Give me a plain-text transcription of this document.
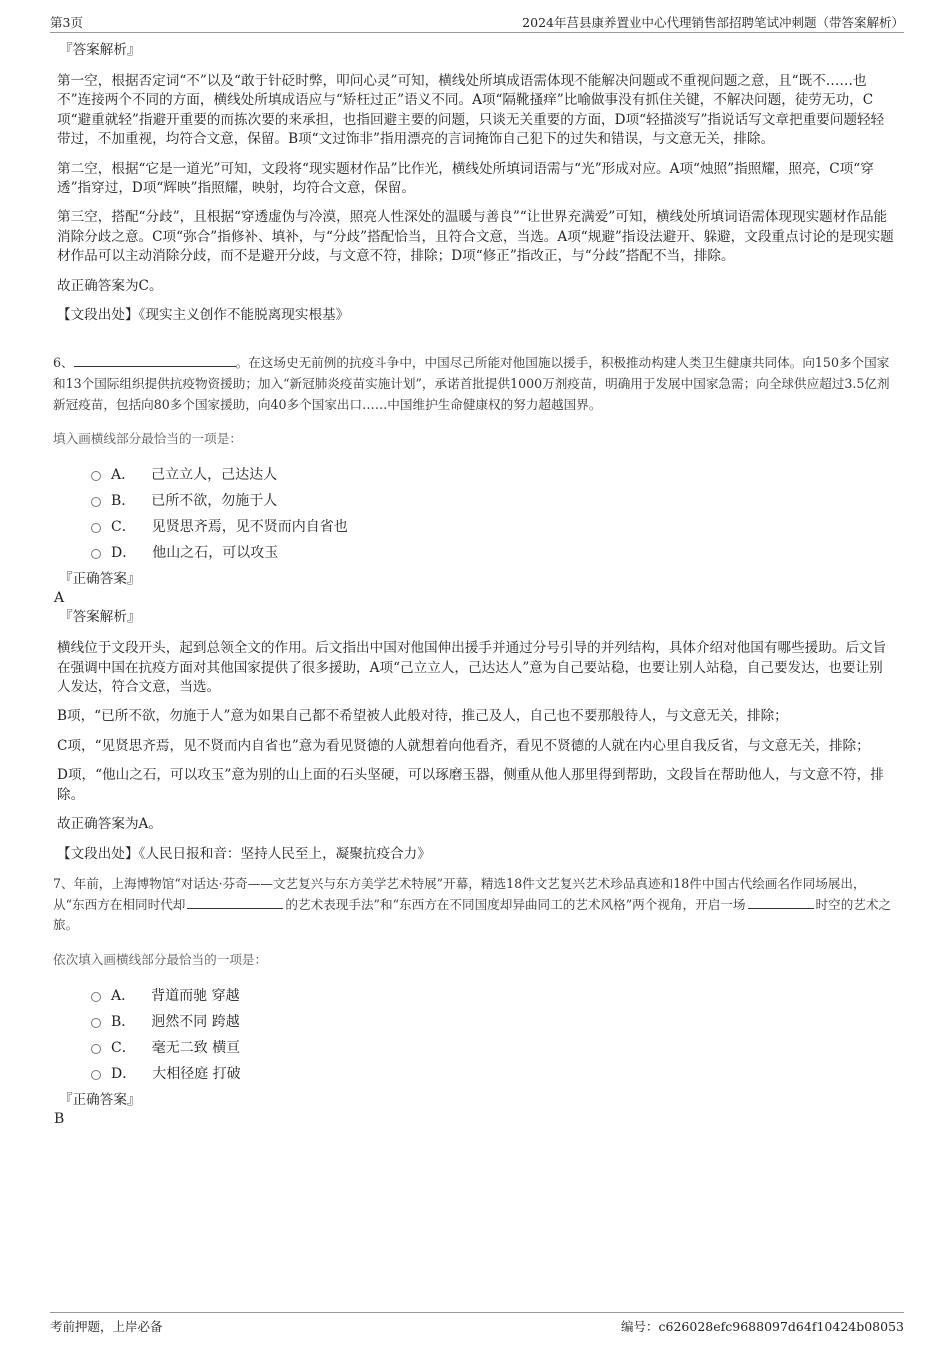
第3页	2024年莒县康养置业中心代理销售部招聘笔试冲刺题（带答案解析）

『答案解析』

第一空，根据否定词“不”以及“敢于针砭时弊，叩问心灵”可知，横线处所填成语需体现不能解决问题或不重视问题之意，且“既不……也不”连接两个不同的方面，横线处所填成语应与“矫枉过正”语义不同。A项“隔靴搔痒”比喻做事没有抓住关键，不解决问题，徒劳无功，C项“避重就轻”指避开重要的而拣次要的来承担，也指回避主要的问题，只谈无关重要的方面，D项“轻描淡写”指说话写文章把重要问题轻轻带过，不加重视，均符合文意，保留。B项“文过饰非”指用漂亮的言词掩饰自己犯下的过失和错误，与文意无关，排除。

第二空，根据“它是一道光”可知，文段将“现实题材作品”比作光，横线处所填词语需与“光”形成对应。A项“烛照”指照耀，照亮，C项“穿透”指穿过，D项“辉映”指照耀，映射，均符合文意，保留。

第三空，搭配“分歧”，且根据“穿透虚伪与冷漠，照亮人性深处的温暖与善良”“让世界充满爱”可知，横线处所填词语需体现现实题材作品能消除分歧之意。C项“弥合”指修补、填补，与“分歧”搭配恰当，且符合文意，当选。A项“规避”指设法避开、躲避，文段重点讨论的是现实题材作品可以主动消除分歧，而不是避开分歧，与文意不符，排除；D项“修正”指改正，与“分歧”搭配不当，排除。

故正确答案为C。

【文段出处】《现实主义创作不能脱离现实根基》

6、	。在这场史无前例的抗疫斗争中，中国尽己所能对他国施以援手，积极推动构建人类卫生健康共同体。向150多个国家和13个国际组织提供抗疫物资援助；加入“新冠肺炎疫苗实施计划”，承诺首批提供1000万剂疫苗，明确用于发展中国家急需；向全球供应超过3.5亿剂新冠疫苗，包括向80多个国家援助，向40多个国家出口……中国维护生命健康权的努力超越国界。

填入画横线部分最恰当的一项是：

A． 己立立人，己达达人
B． 已所不欲，勿施于人
C． 见贤思齐焉，见不贤而内自省也
D． 他山之石，可以攻玉

『正确答案』

A

『答案解析』

横线位于文段开头，起到总领全文的作用。后文指出中国对他国伸出援手并通过分号引导的并列结构，具体介绍对他国有哪些援助。后文旨在强调中国在抗疫方面对其他国家提供了很多援助，A项“己立立人，己达达人”意为自己要站稳，也要让别人站稳，自己要发达，也要让别人发达，符合文意，当选。

B项，“已所不欲，勿施于人”意为如果自己都不希望被人此般对待，推己及人，自己也不要那般待人，与文意无关，排除；

C项，“见贤思齐焉，见不贤而内自省也”意为看见贤德的人就想着向他看齐，看见不贤德的人就在内心里自我反省，与文意无关，排除；

D项，“他山之石，可以攻玉”意为别的山上面的石头坚硬，可以琢磨玉器，侧重从他人那里得到帮助，文段旨在帮助他人，与文意不符，排除。

故正确答案为A。

【文段出处】《人民日报和音：坚持人民至上，凝聚抗疫合力》

7、年前，上海博物馆“对话达·芬奇——文艺复兴与东方美学艺术特展”开幕，精选18件文艺复兴艺术珍品真迹和18件中国古代绘画名作同场展出，从“东西方在相同时代却	的艺术表现手法”和“东西方在不同国度却异曲同工的艺术风格”两个视角，开启一场	时空的艺术之旅。

依次填入画横线部分最恰当的一项是：

A． 背道而驰 穿越
B． 迥然不同 跨越
C． 毫无二致 横亘
D． 大相径庭 打破

『正确答案』

B

考前押题，上岸必备	编号：c626028efc9688097d64f10424b08053
